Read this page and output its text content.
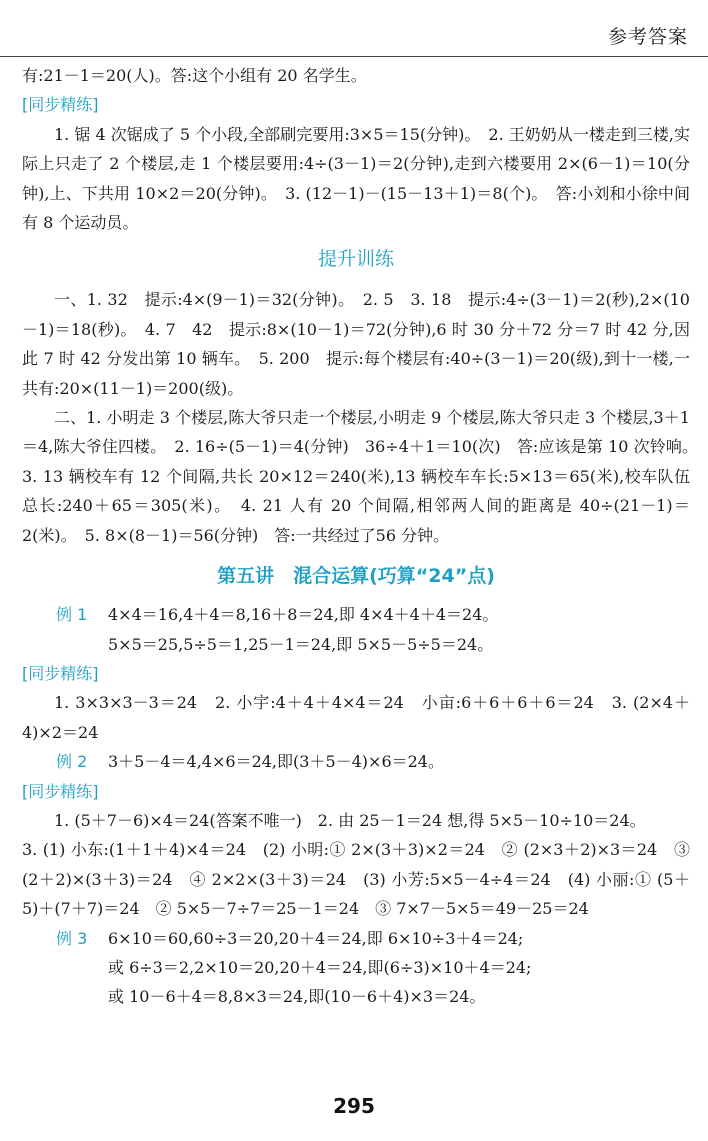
参考答案

有:21－1＝20(人)。答:这个小组有 20 名学生。

[同步精练]

1. 锯 4 次锯成了 5 个小段,全部刷完要用:3×5＝15(分钟)。　2. 王奶奶从一楼走到三楼,实际上只走了 2 个楼层,走 1 个楼层要用:4÷(3－1)＝2(分钟),走到六楼要用 2×(6－1)＝10(分钟),上、下共用 10×2＝20(分钟)。　3. (12－1)－(15－13＋1)＝8(个)。　答:小刘和小徐中间有 8 个运动员。

提升训练

一、1. 32　提示:4×(9－1)＝32(分钟)。　2. 5　3. 18　提示:4÷(3－1)＝2(秒),2×(10－1)＝18(秒)。　4. 7　42　提示:8×(10－1)＝72(分钟),6 时 30 分＋72 分＝7 时 42 分,因此 7 时 42 分发出第 10 辆车。　5. 200　提示:每个楼层有:40÷(3－1)＝20(级),到十一楼,一共有:20×(11－1)＝200(级)。

二、1. 小明走 3 个楼层,陈大爷只走一个楼层,小明走 9 个楼层,陈大爷只走 3 个楼层,3＋1＝4,陈大爷住四楼。　2. 16÷(5－1)＝4(分钟)　36÷4＋1＝10(次)　答:应该是第 10 次铃响。　3. 13 辆校车有 12 个间隔,共长 20×12＝240(米),13 辆校车车长:5×13＝65(米),校车队伍总长:240＋65＝305(米)。　4. 21 人有 20 个间隔,相邻两人间的距离是 40÷(21－1)＝2(米)。　5. 8×(8－1)＝56(分钟)　答:一共经过了56 分钟。

第五讲　混合运算(巧算“24”点)
例 1	4×4＝16,4＋4＝8,16＋8＝24,即 4×4＋4＋4＝24。

5×5＝25,5÷5＝1,25－1＝24,即 5×5－5÷5＝24。

[同步精练]

1. 3×3×3－3＝24　2. 小宇:4＋4＋4×4＝24　小亩:6＋6＋6＋6＝24　3. (2×4＋4)×2＝24

例 2	3＋5－4＝4,4×6＝24,即(3＋5－4)×6＝24。

[同步精练]

1. (5＋7－6)×4＝24(答案不唯一)　2. 由 25－1＝24 想,得 5×5－10÷10＝24。

3. (1) 小东:(1＋1＋4)×4＝24　(2) 小明:① 2×(3＋3)×2＝24　② (2×3＋2)×3＝24　③ (2＋2)×(3＋3)＝24　④ 2×2×(3＋3)＝24　(3) 小芳:5×5－4÷4＝24　(4) 小丽:① (5＋5)＋(7＋7)＝24　② 5×5－7÷7＝25－1＝24　③ 7×7－5×5＝49－25＝24

例 3	6×10＝60,60÷3＝20,20＋4＝24,即 6×10÷3＋4＝24;

或 6÷3＝2,2×10＝20,20＋4＝24,即(6÷3)×10＋4＝24;

或 10－6＋4＝8,8×3＝24,即(10－6＋4)×3＝24。

295
